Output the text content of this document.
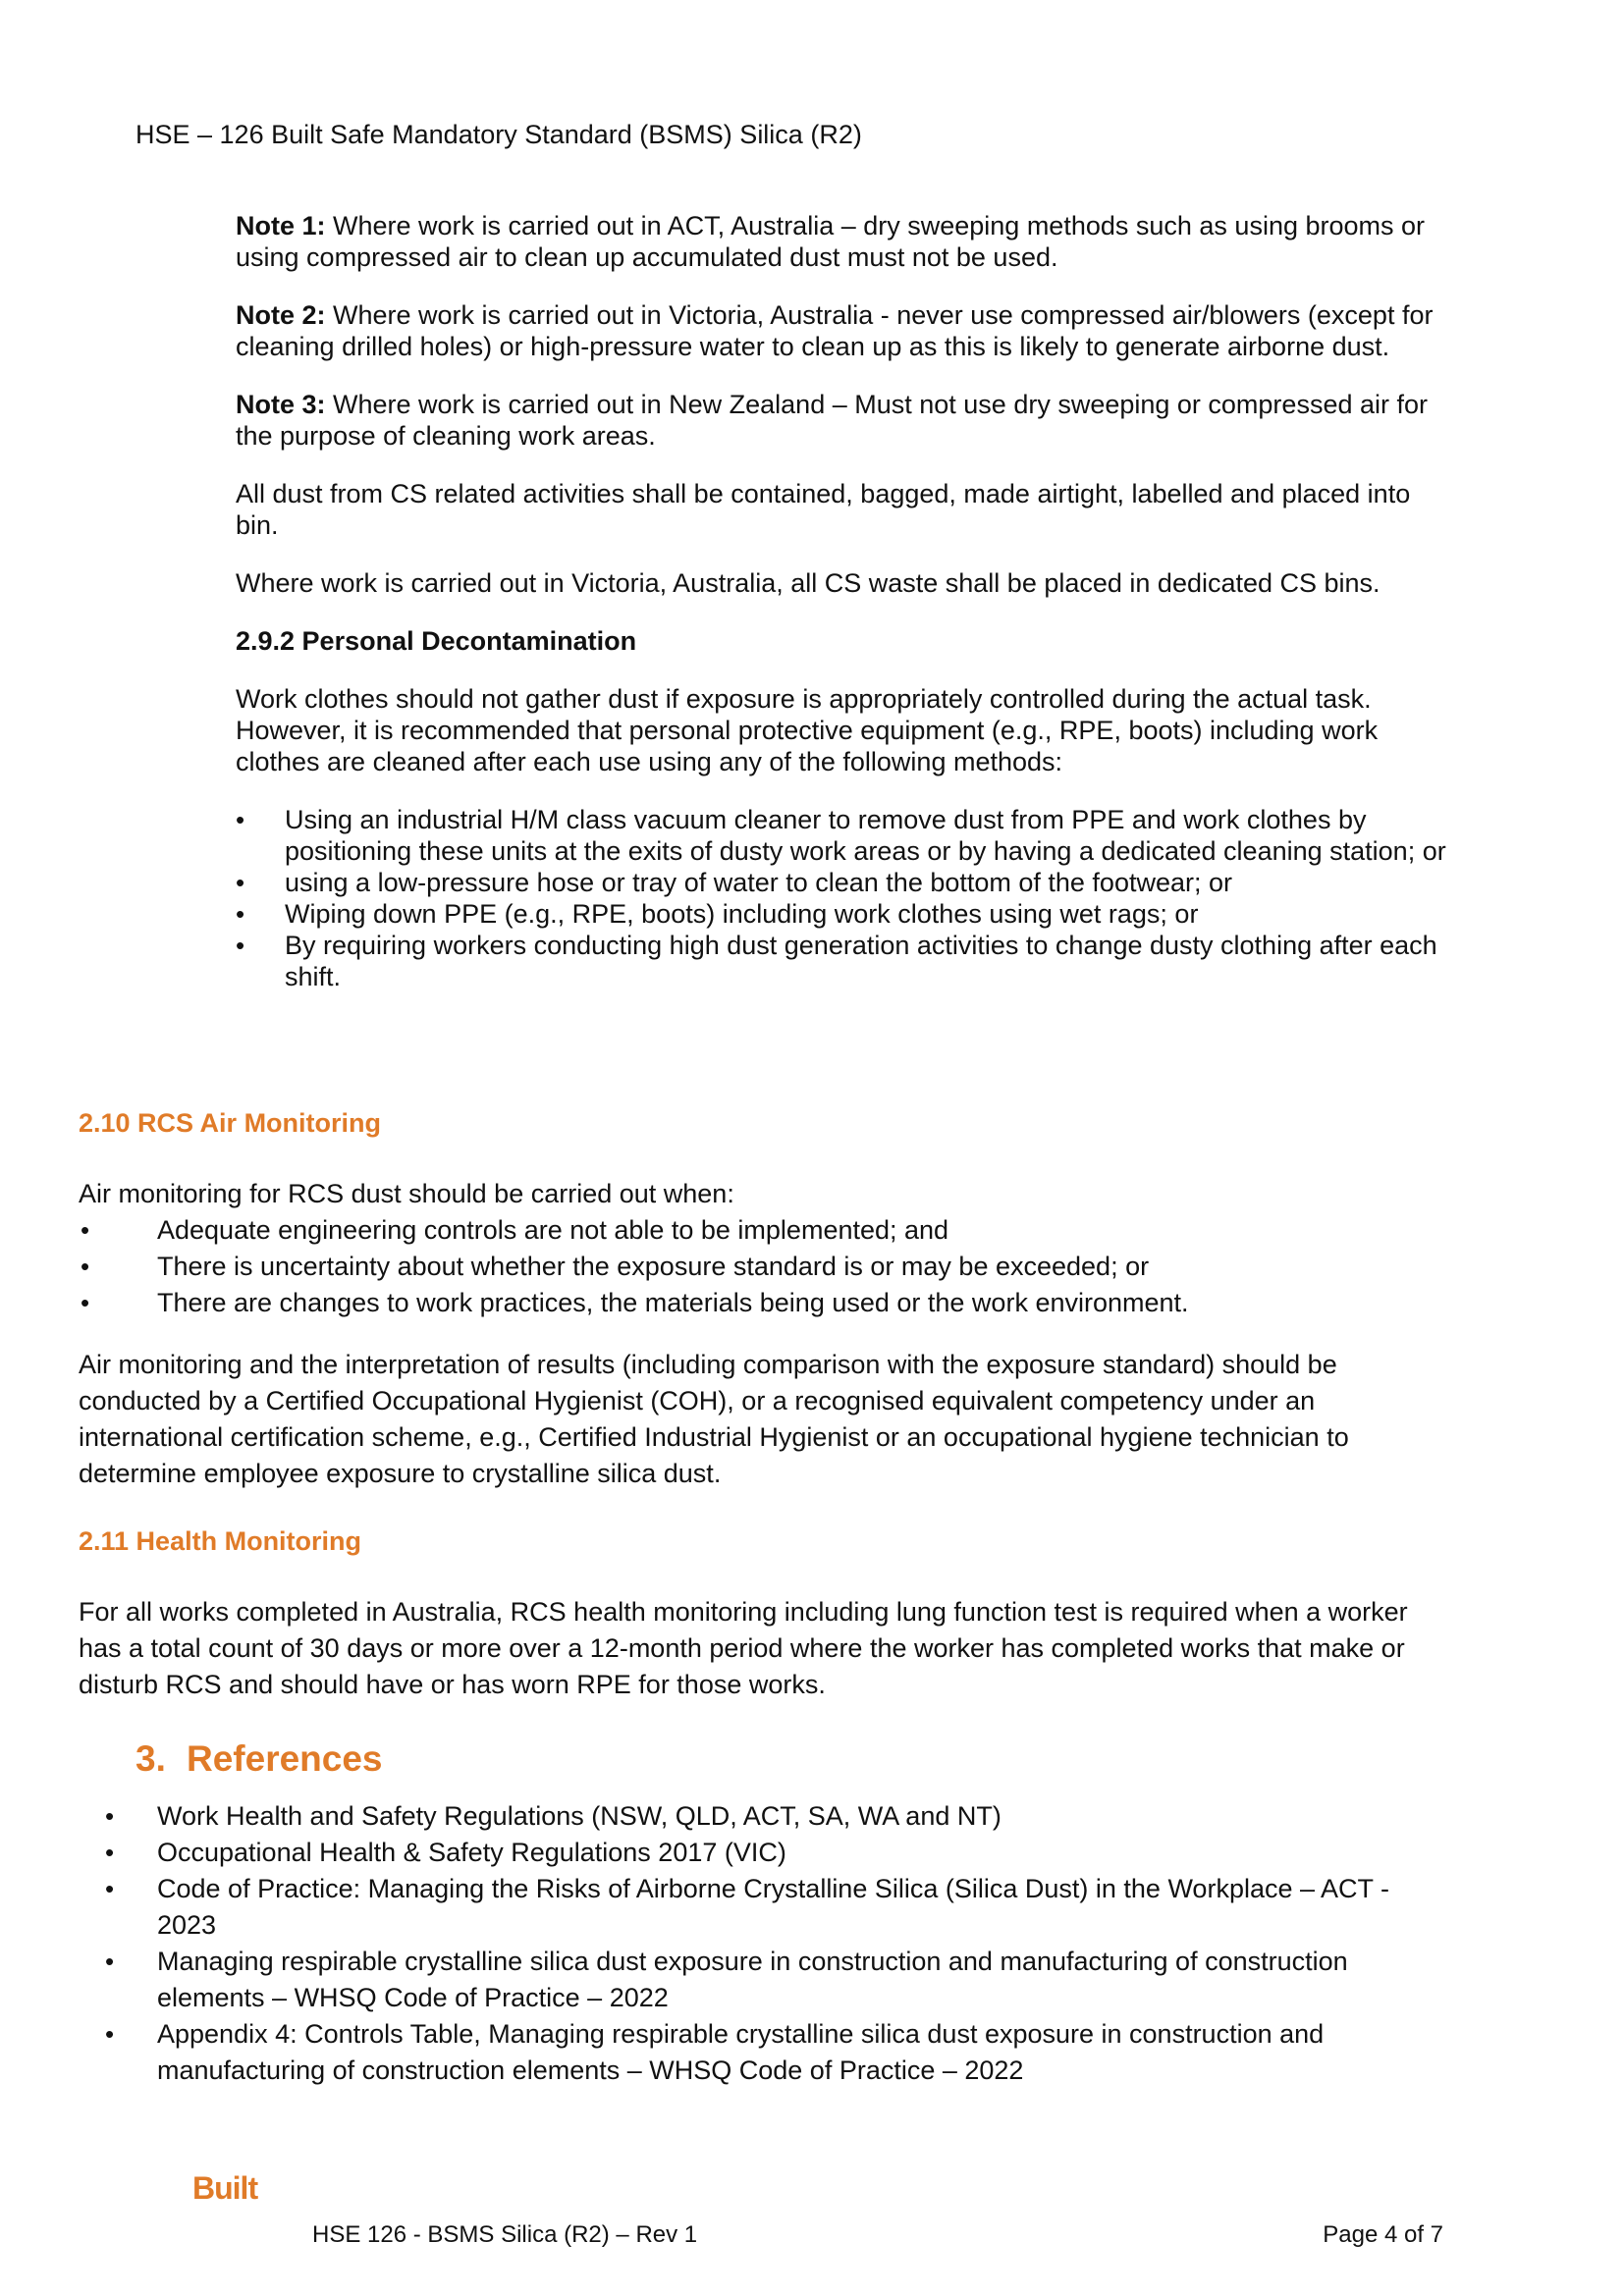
HSE – 126 Built Safe Mandatory Standard (BSMS) Silica (R2)

Note 1: Where work is carried out in ACT, Australia – dry sweeping methods such as using brooms or using compressed air to clean up accumulated dust must not be used.

Note 2: Where work is carried out in Victoria, Australia - never use compressed air/blowers (except for cleaning drilled holes) or high-pressure water to clean up as this is likely to generate airborne dust.

Note 3: Where work is carried out in New Zealand – Must not use dry sweeping or compressed air for the purpose of cleaning work areas.

All dust from CS related activities shall be contained, bagged, made airtight, labelled and placed into bin.

Where work is carried out in Victoria, Australia, all CS waste shall be placed in dedicated CS bins.

2.9.2 Personal Decontamination

Work clothes should not gather dust if exposure is appropriately controlled during the actual task. However, it is recommended that personal protective equipment (e.g., RPE, boots) including work clothes are cleaned after each use using any of the following methods:

• Using an industrial H/M class vacuum cleaner to remove dust from PPE and work clothes by positioning these units at the exits of dusty work areas or by having a dedicated cleaning station; or
• using a low-pressure hose or tray of water to clean the bottom of the footwear; or
• Wiping down PPE (e.g., RPE, boots) including work clothes using wet rags; or
• By requiring workers conducting high dust generation activities to change dusty clothing after each shift.
2.10 RCS Air Monitoring
Air monitoring for RCS dust should be carried out when:
• Adequate engineering controls are not able to be implemented; and
• There is uncertainty about whether the exposure standard is or may be exceeded; or
• There are changes to work practices, the materials being used or the work environment.
Air monitoring and the interpretation of results (including comparison with the exposure standard) should be conducted by a Certified Occupational Hygienist (COH), or a recognised equivalent competency under an international certification scheme, e.g., Certified Industrial Hygienist or an occupational hygiene technician to determine employee exposure to crystalline silica dust.
2.11 Health Monitoring
For all works completed in Australia, RCS health monitoring including lung function test is required when a worker has a total count of 30 days or more over a 12-month period where the worker has completed works that make or disturb RCS and should have or has worn RPE for those works.
3. References
• Work Health and Safety Regulations (NSW, QLD, ACT, SA, WA and NT)
• Occupational Health & Safety Regulations 2017 (VIC)
• Code of Practice: Managing the Risks of Airborne Crystalline Silica (Silica Dust) in the Workplace – ACT - 2023
• Managing respirable crystalline silica dust exposure in construction and manufacturing of construction elements – WHSQ Code of Practice – 2022
• Appendix 4: Controls Table, Managing respirable crystalline silica dust exposure in construction and manufacturing of construction elements – WHSQ Code of Practice – 2022
Built
HSE 126 - BSMS Silica (R2) – Rev 1	Page 4 of 7
